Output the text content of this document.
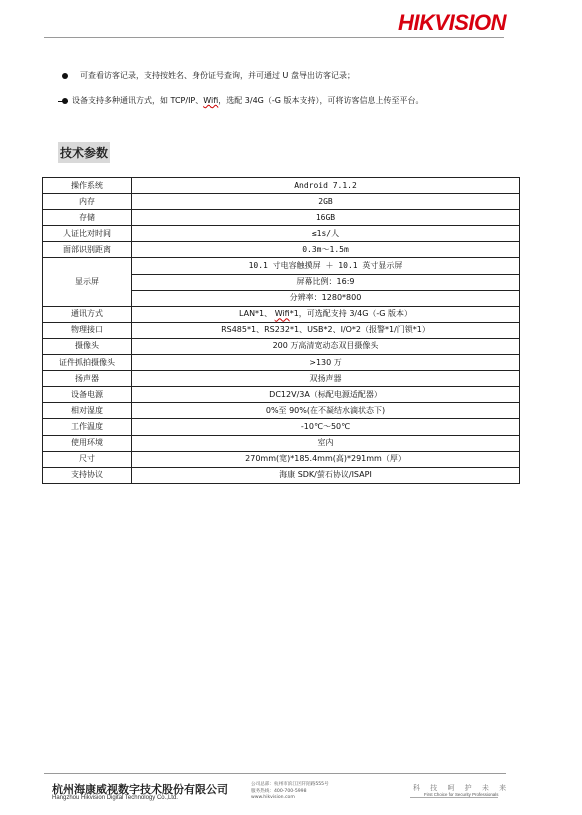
HIKVISION
可查看访客记录，支持按姓名、身份证号查询，并可通过 U 盘导出访客记录；
设备支持多种通讯方式，如 TCP/IP、 Wifi ，选配 3/4G（-G 版本支持），可将访客信息上传至平台。
技术参数
操作系统	Android 7.1.2
内存	2GB
存储	16GB
人证比对时间	≤1s/人
面部识别距离	0.3m～1.5m
显示屏	10.1 寸电容触摸屏 ＋ 10.1 英寸显示屏
	屏幕比例：16:9
	分辨率：1280*800
通讯方式	LAN*1、 Wifi*1，可选配支持 3/4G（-G 版本）
物理接口	RS485*1、RS232*1、USB*2、I/O*2（报警*1/门锁*1）
摄像头	200 万高清宽动态双目摄像头
证件抓拍摄像头	>130 万
扬声器	双扬声器
设备电源	DC12V/3A（标配电源适配器）
相对湿度	0%至 90%(在不凝结水滴状态下)
工作温度	-10℃～50℃
使用环境	室内
尺寸	270mm(宽)*185.4mm(高)*291mm（厚）
支持协议	海康 SDK/萤石协议/ISAPI
杭州海康威视数字技术股份有限公司
Hangzhou Hikvision Digital Technology Co.,Ltd.
公司总部：杭州市滨江区阡陌路555号
服务热线：400-700-5998
www.hikvision.com
科 技 呵 护 未 来
First Choice for Security Professionals
